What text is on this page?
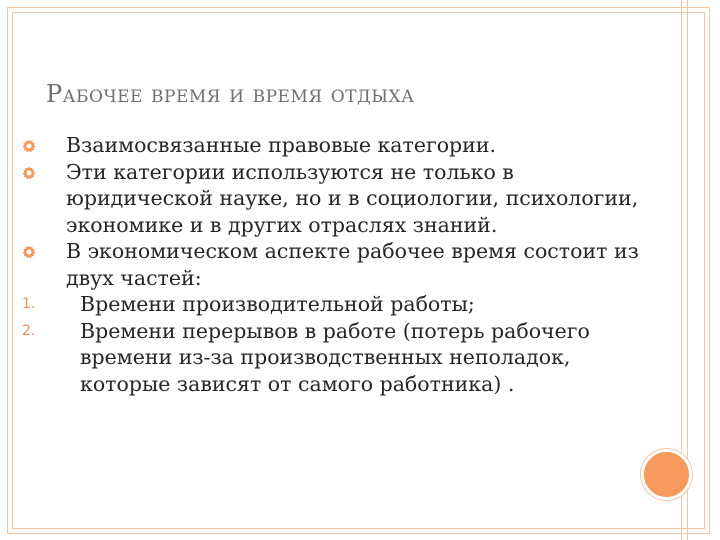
Рабочее время и время отдыха
Взаимосвязанные правовые категории.
Эти категории используются не только в юридической науке, но и в социологии, психологии, экономике и в других отраслях знаний.
В экономическом аспекте рабочее время состоит из двух частей:
1. Времени производительной работы;
2. Времени перерывов в работе (потерь рабочего времени из-за производственных неполадок, которые зависят от самого работника) .
